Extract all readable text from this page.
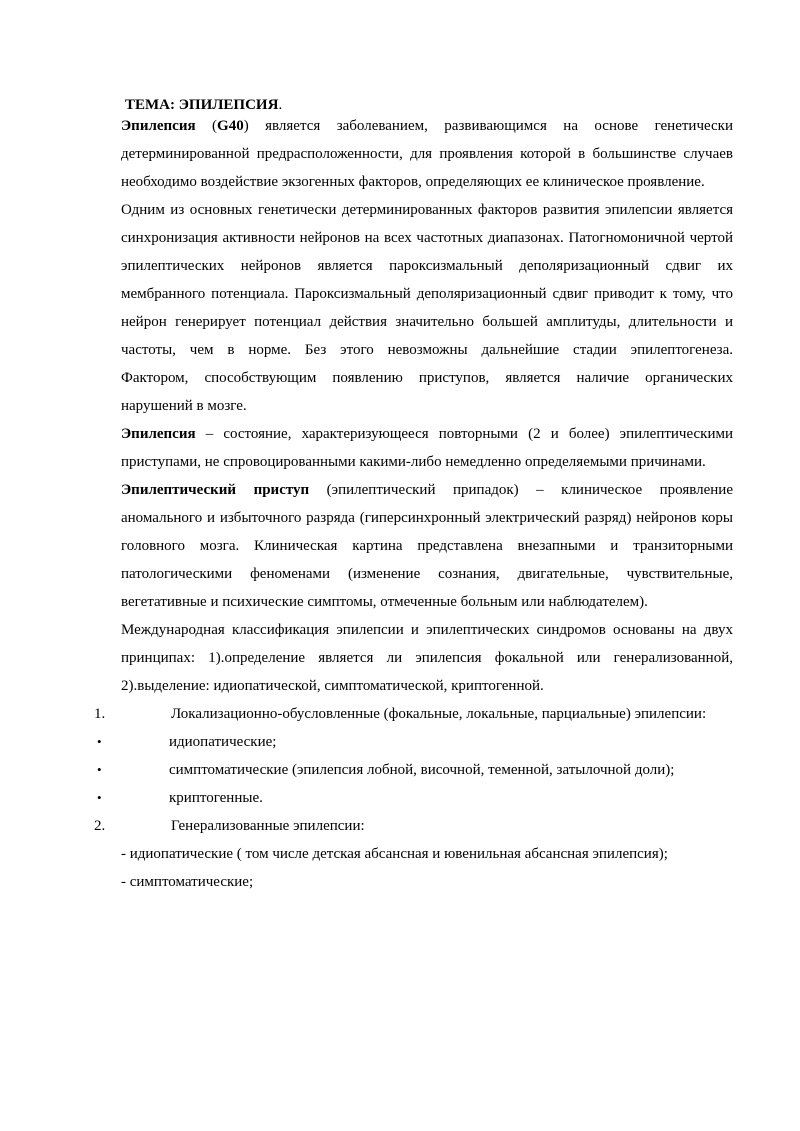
ТЕМА: ЭПИЛЕПСИЯ.

Эпилепсия (G40) является заболеванием, развивающимся на основе генетически детерминированной предрасположенности, для проявления которой в большинстве случаев необходимо воздействие экзогенных факторов, определяющих ее клиническое проявление.

Одним из основных генетически детерминированных факторов развития эпилепсии является синхронизация активности нейронов на всех частотных диапазонах. Патогномоничной чертой эпилептических нейронов является пароксизмальный деполяризационный сдвиг их мембранного потенциала. Пароксизмальный деполяризационный сдвиг приводит к тому, что нейрон генерирует потенциал действия значительно большей амплитуды, длительности и частоты, чем в норме. Без этого невозможны дальнейшие стадии эпилептогенеза.

Фактором, способствующим появлению приступов, является наличие органических нарушений в мозге.

Эпилепсия – состояние, характеризующееся повторными (2 и более) эпилептическими приступами, не спровоцированными какими-либо немедленно определяемыми причинами.

Эпилептический приступ (эпилептический припадок) – клиническое проявление аномального и избыточного разряда (гиперсинхронный электрический разряд) нейронов коры головного мозга. Клиническая картина представлена внезапными и транзиторными патологическими феноменами (изменение сознания, двигательные, чувствительные, вегетативные и психические симптомы, отмеченные больным или наблюдателем).

Международная классификация эпилепсии и эпилептических синдромов основаны на двух принципах: 1).определение является ли эпилепсия фокальной или генерализованной, 2).выделение: идиопатической, симптоматической, криптогенной.

1.	Локализационно-обусловленные (фокальные, локальные, парциальные) эпилепсии:
•	идиопатические;
•	симптоматические (эпилепсия лобной, височной, теменной, затылочной доли);
•	криптогенные.
2.	Генерализованные эпилепсии:

- идиопатические ( том числе детская абсансная и ювенильная абсансная эпилепсия);

- симптоматические;
